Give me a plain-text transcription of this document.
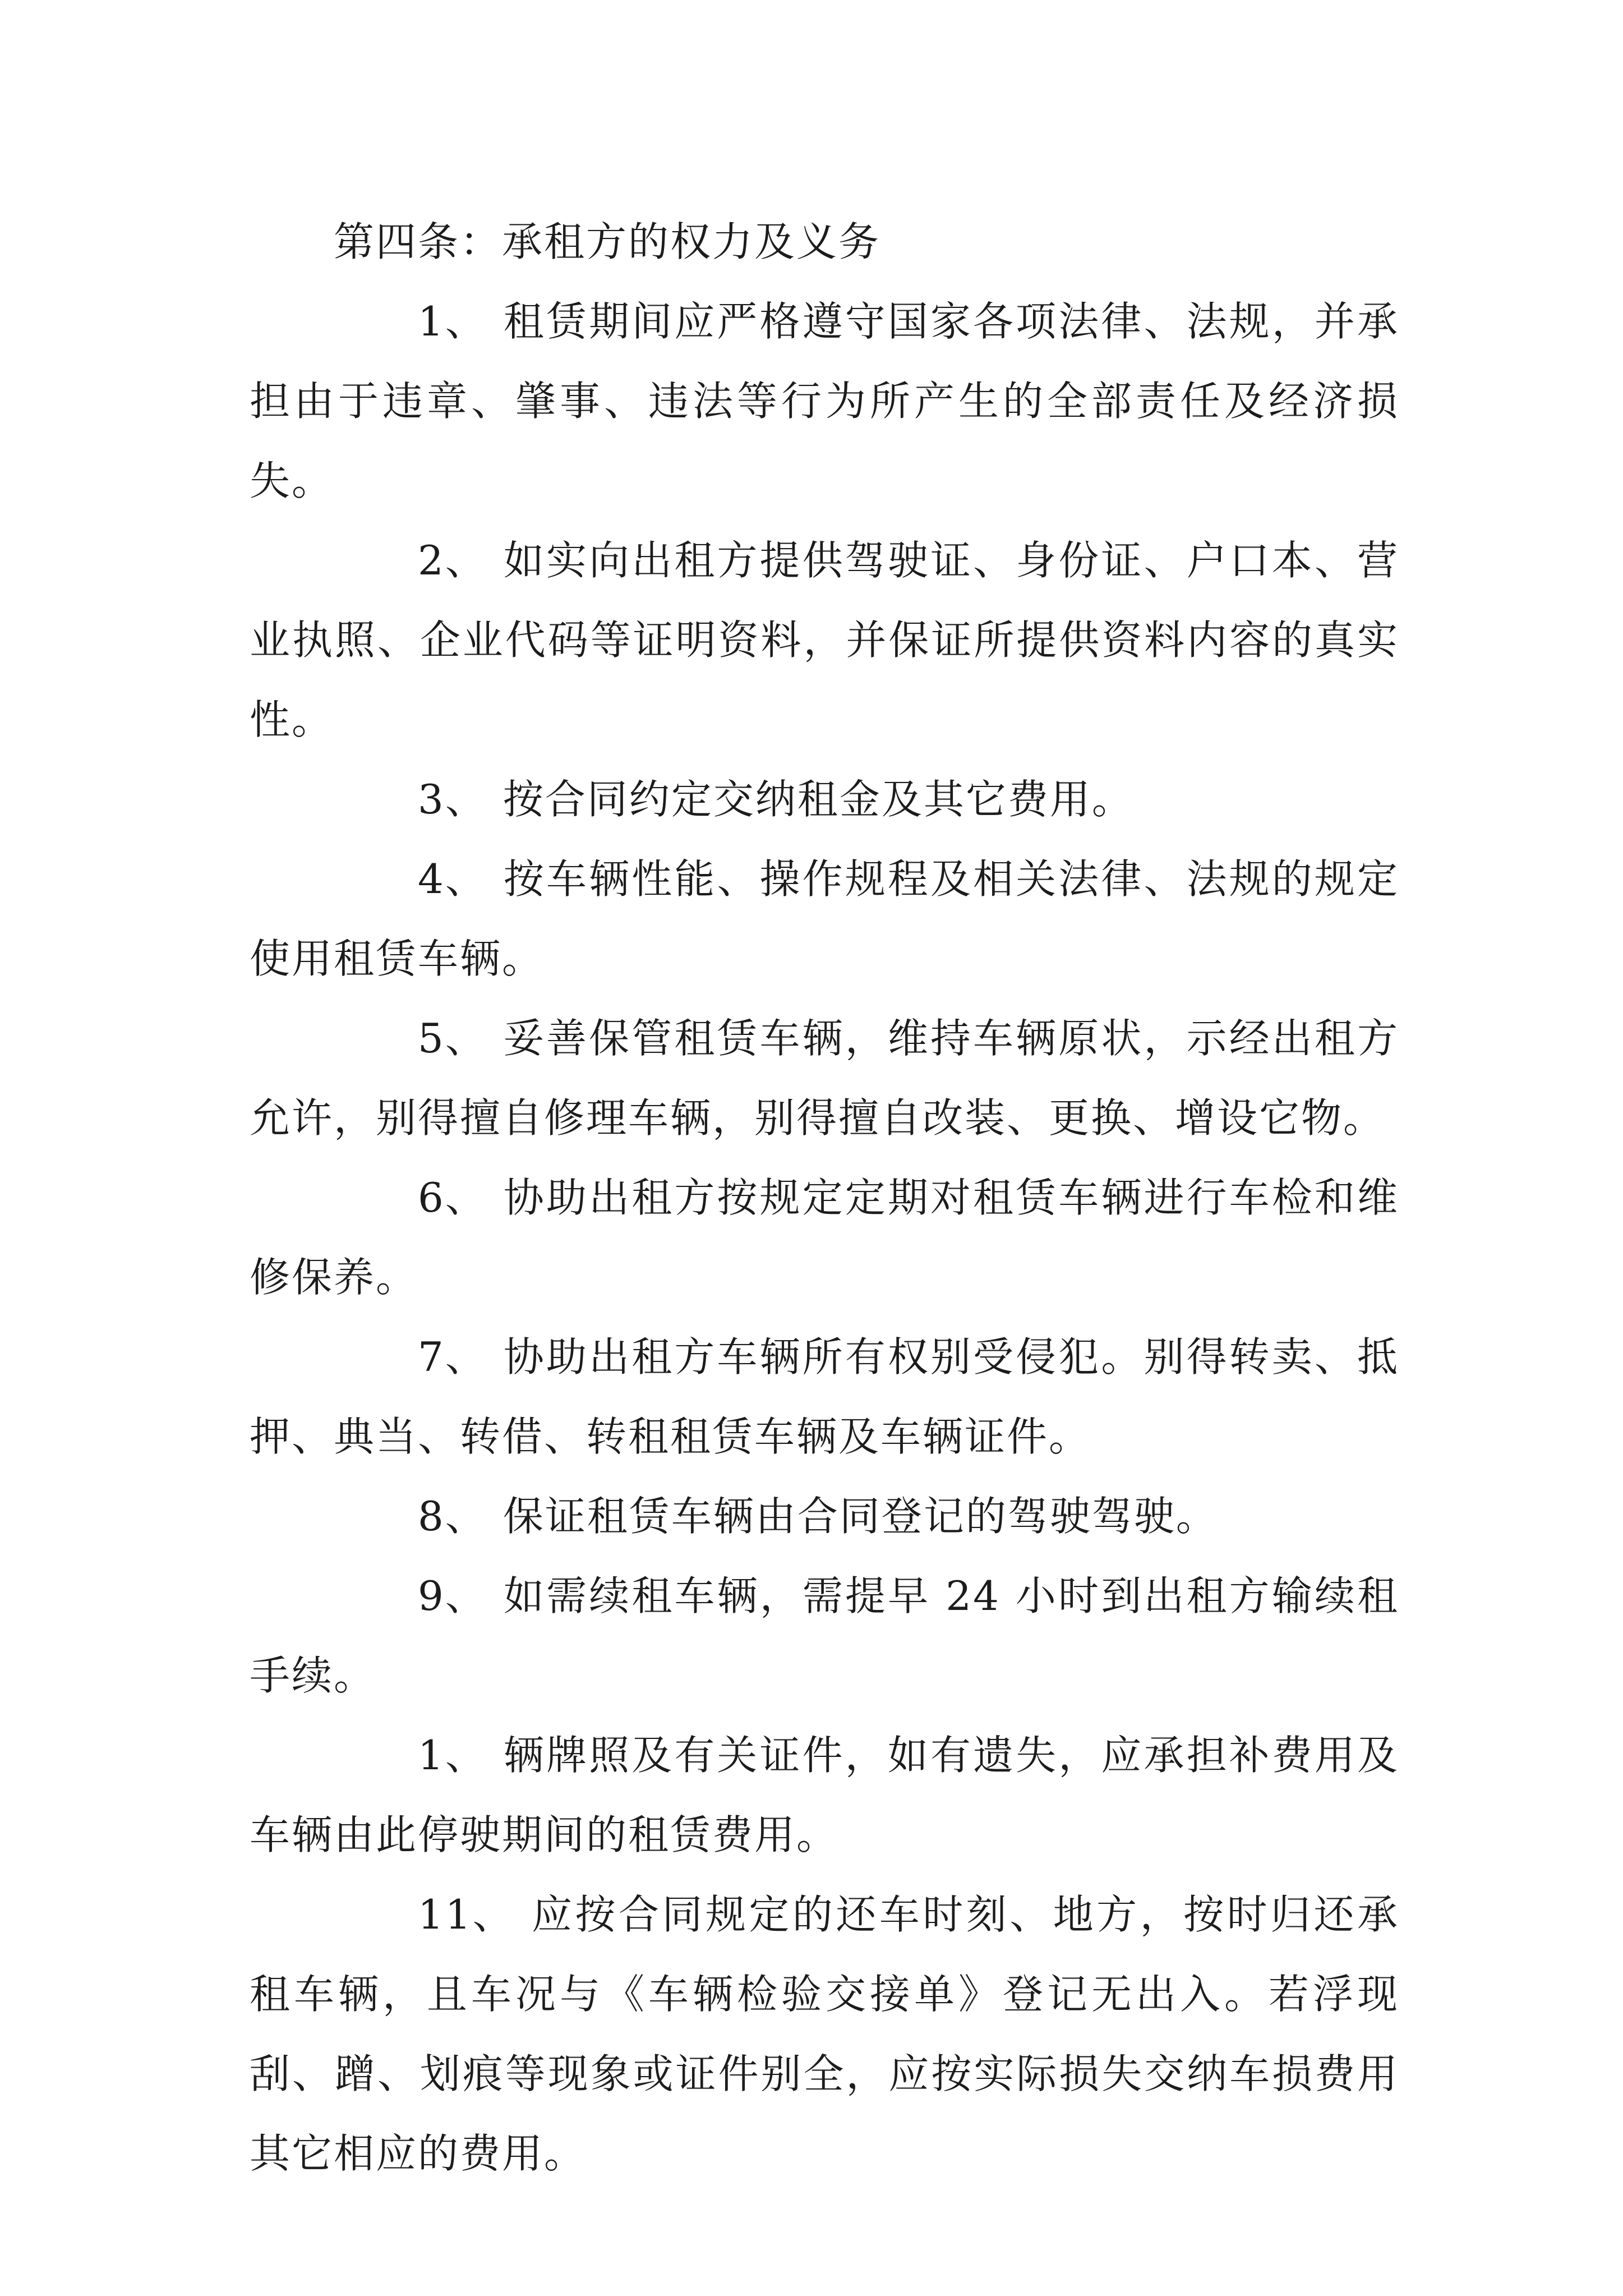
第四条：承租方的权力及义务

1、 租赁期间应严格遵守国家各项法律、法规，并承担由于违章、肇事、违法等行为所产生的全部责任及经济损失。

2、 如实向出租方提供驾驶证、身份证、户口本、营业执照、企业代码等证明资料，并保证所提供资料内容的真实性。

3、 按合同约定交纳租金及其它费用。

4、 按车辆性能、操作规程及相关法律、法规的规定使用租赁车辆。

5、 妥善保管租赁车辆，维持车辆原状，示经出租方允许，别得擅自修理车辆，别得擅自改装、更换、增设它物。

6、 协助出租方按规定定期对租赁车辆进行车检和维修保养。

7、 协助出租方车辆所有权别受侵犯。别得转卖、抵押、典当、转借、转租租赁车辆及车辆证件。

8、 保证租赁车辆由合同登记的驾驶驾驶。

9、 如需续租车辆，需提早 24 小时到出租方输续租手续。

1、 辆牌照及有关证件，如有遗失，应承担补费用及车辆由此停驶期间的租赁费用。

11、 应按合同规定的还车时刻、地方，按时归还承租车辆，且车况与《车辆检验交接单》登记无出入。若浮现刮、蹭、划痕等现象或证件别全，应按实际损失交纳车损费用其它相应的费用。
